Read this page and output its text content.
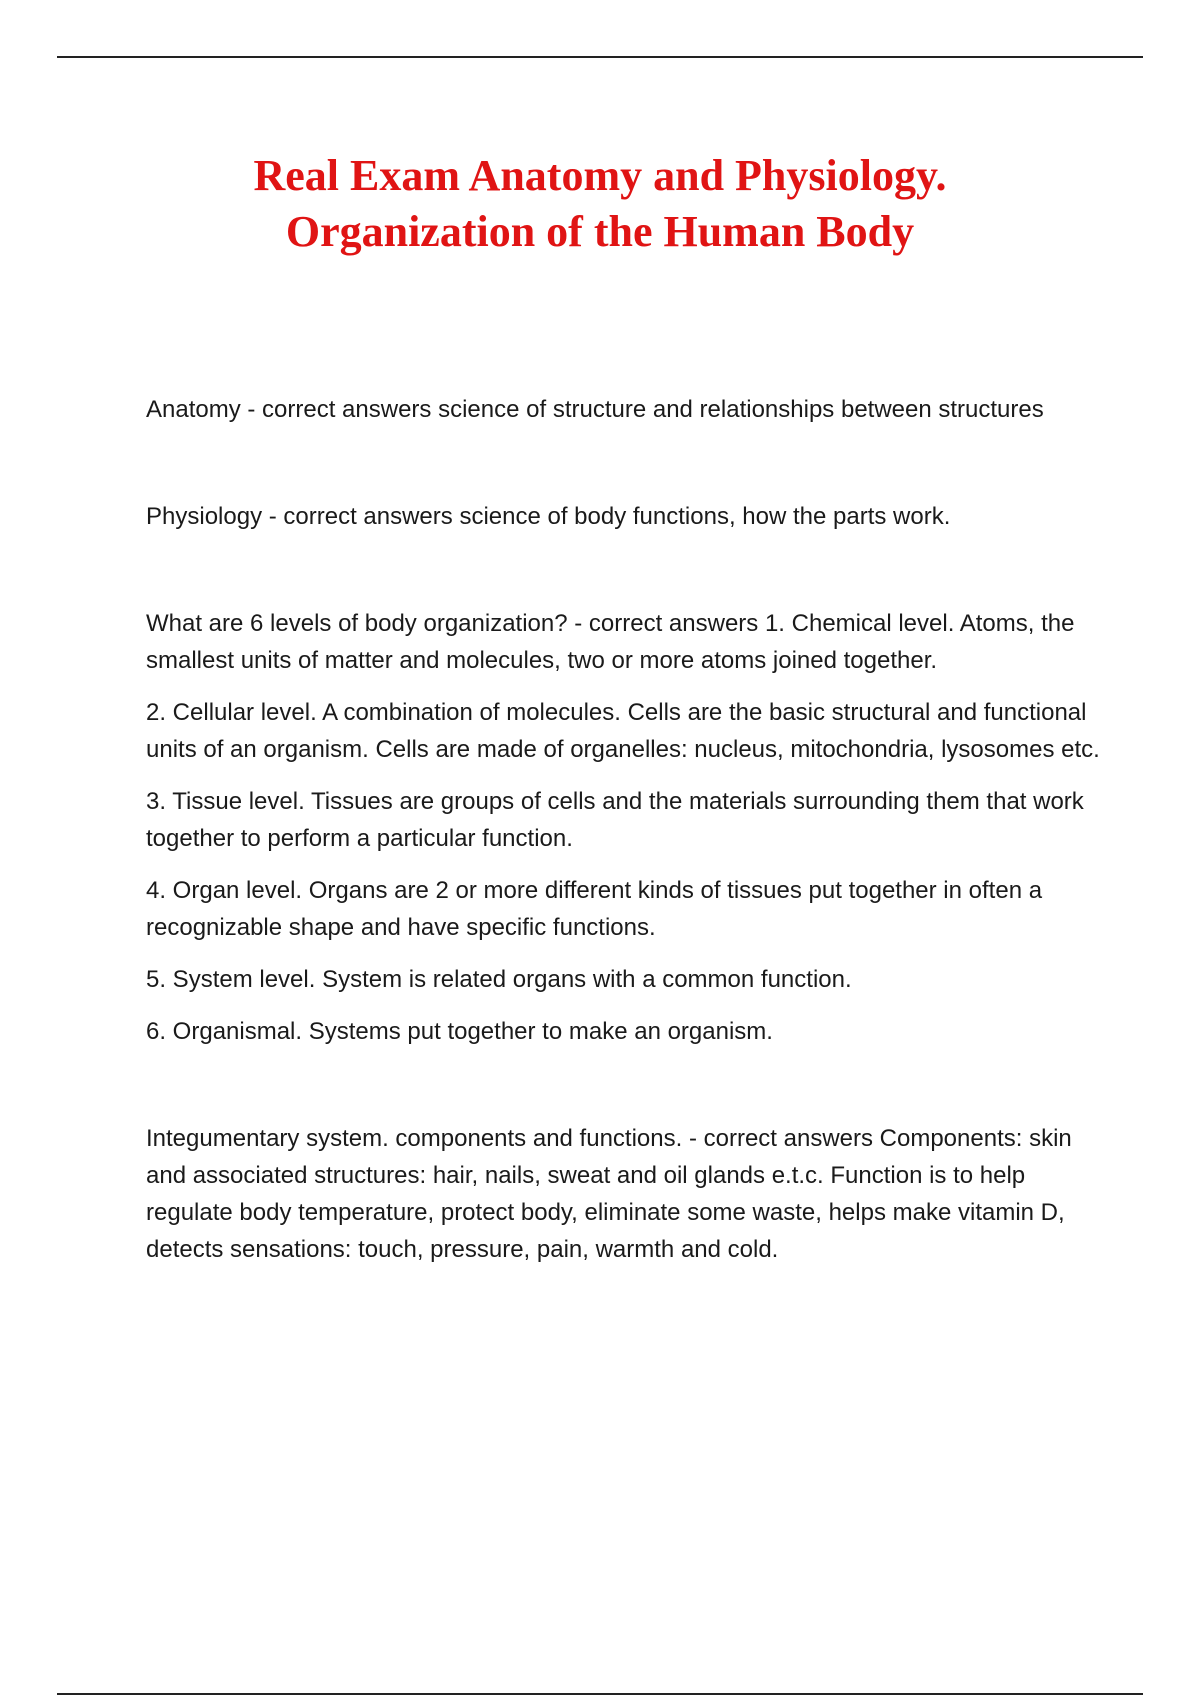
Real Exam Anatomy and Physiology.
Organization of the Human Body

Anatomy - correct answers science of structure and relationships between structures

Physiology - correct answers science of body functions, how the parts work.

What are 6 levels of body organization? - correct answers 1. Chemical level. Atoms, the smallest units of matter and molecules, two or more atoms joined together.

2. Cellular level. A combination of molecules. Cells are the basic structural and functional units of an organism. Cells are made of organelles: nucleus, mitochondria, lysosomes etc.

3. Tissue level. Tissues are groups of cells and the materials surrounding them that work together to perform a particular function.

4. Organ level. Organs are 2 or more different kinds of tissues put together in often a recognizable shape and have specific functions.

5. System level. System is related organs with a common function.

6. Organismal. Systems put together to make an organism.

Integumentary system. components and functions. - correct answers Components: skin and associated structures: hair, nails, sweat and oil glands e.t.c. Function is to help regulate body temperature, protect body, eliminate some waste, helps make vitamin D, detects sensations: touch, pressure, pain, warmth and cold.
